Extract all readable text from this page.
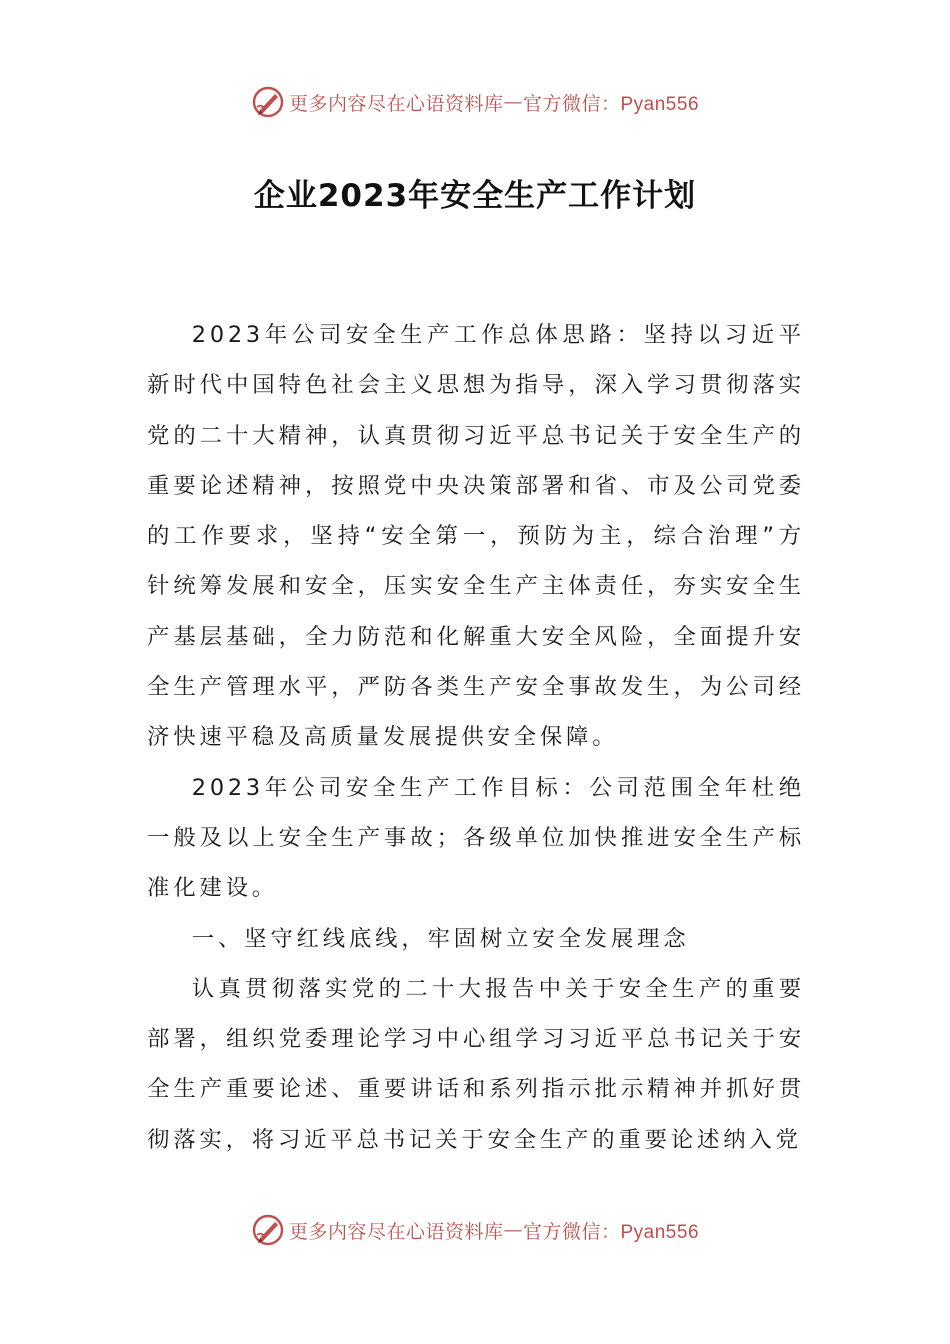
更多内容尽在心语资料库 — 官方微信：Pyan556
企业2023年安全生产工作计划

2023年公司安全生产工作总体思路：坚持以习近平新时代中国特色社会主义思想为指导，深入学习贯彻落实党的二十大精神，认真贯彻习近平总书记关于安全生产的重要论述精神，按照党中央决策部署和省、市及公司党委的工作要求，坚持“安全第一，预防为主，综合治理”方针统筹发展和安全，压实安全生产主体责任，夯实安全生产基层基础，全力防范和化解重大安全风险，全面提升安全生产管理水平，严防各类生产安全事故发生，为公司经济快速平稳及高质量发展提供安全保障。

2023年公司安全生产工作目标：公司范围全年杜绝一般及以上安全生产事故；各级单位加快推进安全生产标准化建设。

一、坚守红线底线，牢固树立安全发展理念

认真贯彻落实党的二十大报告中关于安全生产的重要部署，组织党委理论学习中心组学习习近平总书记关于安全生产重要论述、重要讲话和系列指示批示精神并抓好贯彻落实，将习近平总书记关于安全生产的重要论述纳入党

更多内容尽在心语资料库 — 官方微信：Pyan556
